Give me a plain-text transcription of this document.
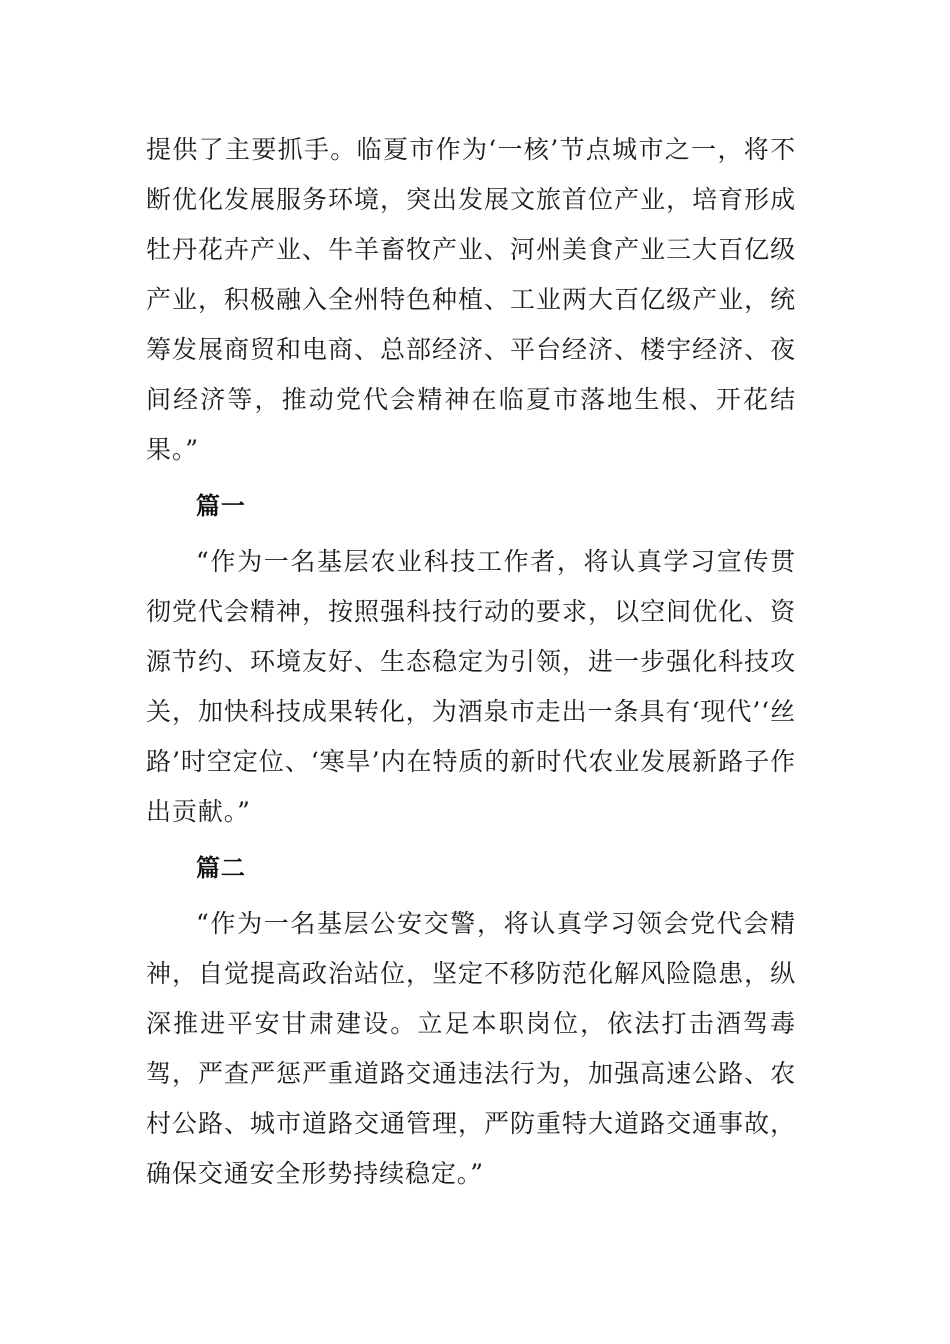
提供了主要抓手。临夏市作为‘一核’节点城市之一，将不断优化发展服务环境，突出发展文旅首位产业，培育形成牡丹花卉产业、牛羊畜牧产业、河州美食产业三大百亿级产业，积极融入全州特色种植、工业两大百亿级产业，统筹发展商贸和电商、总部经济、平台经济、楼宇经济、夜间经济等，推动党代会精神在临夏市落地生根、开花结果。”

篇一

“作为一名基层农业科技工作者，将认真学习宣传贯彻党代会精神，按照强科技行动的要求，以空间优化、资源节约、环境友好、生态稳定为引领，进一步强化科技攻关，加快科技成果转化，为酒泉市走出一条具有‘现代’‘丝路’时空定位、‘寒旱’内在特质的新时代农业发展新路子作出贡献。”

篇二

“作为一名基层公安交警，将认真学习领会党代会精神，自觉提高政治站位，坚定不移防范化解风险隐患，纵深推进平安甘肃建设。立足本职岗位，依法打击酒驾毒驾，严查严惩严重道路交通违法行为，加强高速公路、农村公路、城市道路交通管理，严防重特大道路交通事故，确保交通安全形势持续稳定。”
